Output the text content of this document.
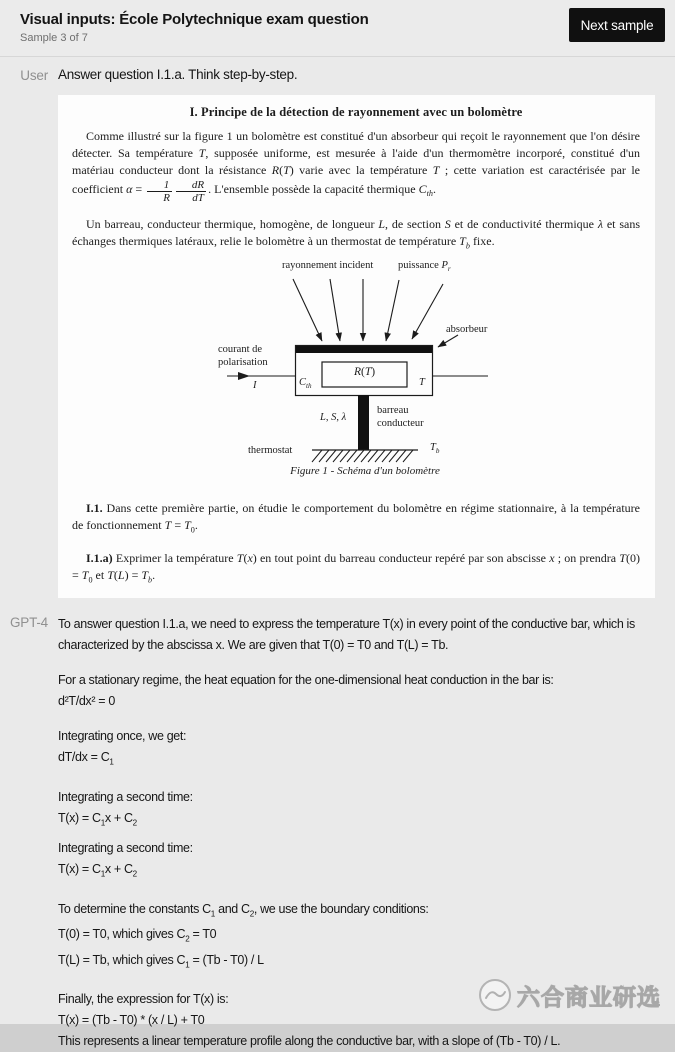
Visual inputs: École Polytechnique exam question
Sample 3 of 7
Next sample
User Answer question I.1.a. Think step-by-step.
I. Principe de la détection de rayonnement avec un bolomètre

Comme illustré sur la figure 1 un bolomètre est constitué d'un absorbeur qui reçoit le rayonnement que l'on désire détecter. Sa température T, supposée uniforme, est mesurée à l'aide d'un thermomètre incorporé, constitué d'un matériau conducteur dont la résistance R(T) varie avec la température T ; cette variation est caractérisée par le coefficient $\alpha = \frac{1}{R} \frac{dR}{dT}$ . L'ensemble possède la capacité thermique $C_{th}$.

Un barreau, conducteur thermique, homogène, de longueur L, de section S et de conductivité thermique λ et sans échanges thermiques latéraux, relie le bolomètre à un thermostat de température $T_b$ fixe.

rayonnement incident puissance $P_r$
absorbeur
courant de
polarisation
I	$C_{th}$
R(T)
T
L, S, λ
barreau
conducteur
thermostat	$T_b$
Figure 1 - Schéma d'un bolomètre

I.1. Dans cette première partie, on étudie le comportement du bolomètre en régime stationnaire, à la température de fonctionnement $T = T_0$.

I.1.a) Exprimer la température T(x) en tout point du barreau conducteur repéré par son abscisse x ; on prendra $T(0) = T_0$ et $T(L) = T_b$.

GPT-4 To answer question I.1.a, we need to express the temperature T(x) in every point of the conductive bar, which is characterized by the abscissa x. We are given that T(0) = T0 and T(L) = Tb.

For a stationary regime, the heat equation for the one-dimensional heat conduction in the bar is:
d²T/dx² = 0

Integrating once, we get:
$dT/dx = C_1$

Integrating a second time:
$T(x) = C_1x + C_2$

Integrating a second time:
$T(x) = C_1x + C_2$

To determine the constants $C_1$ and $C_2$, we use the boundary conditions:
T(0) = T0, which gives $C_2 = T0$
T(L) = Tb, which gives $C_1 = (Tb - T0) / L$

Finally, the expression for T(x) is:
T(x) = (Tb - T0) * (x / L) + T0
This represents a linear temperature profile along the conductive bar, with a slope of (Tb - T0) / L.

六合商业研选
